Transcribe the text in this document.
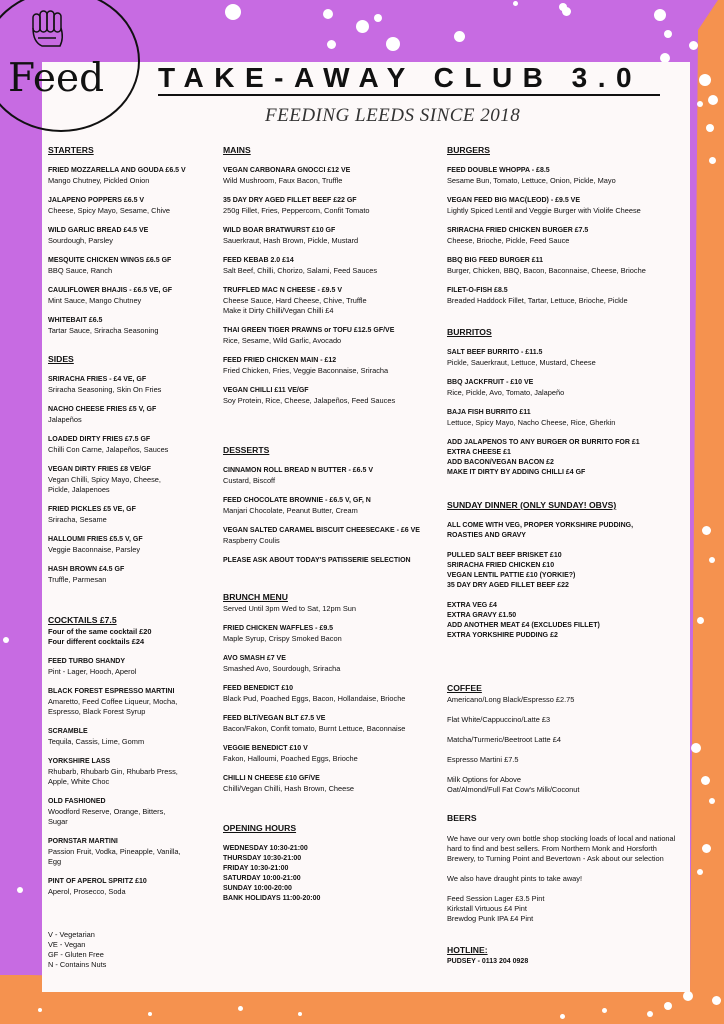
Feed TAKE-AWAY CLUB 3.0
FEEDING LEEDS SINCE 2018
STARTERS
FRIED MOZZARELLA AND GOUDA £6.5 V
Mango Chutney, Pickled Onion
JALAPENO POPPERS £6.5 V
Cheese, Spicy Mayo, Sesame, Chive
WILD GARLIC BREAD £4.5 VE
Sourdough, Parsley
MESQUITE CHICKEN WINGS £6.5 GF
BBQ Sauce, Ranch
CAULIFLOWER BHAJIS - £6.5 VE, GF
Mint Sauce, Mango Chutney
WHITEBAIT £6.5
Tartar Sauce, Sriracha Seasoning
SIDES
SRIRACHA FRIES - £4 VE, GF
Sriracha Seasoning, Skin On Fries
NACHO CHEESE FRIES £5 V, GF
Jalapeños
LOADED DIRTY FRIES £7.5 GF
Chilli Con Carne, Jalapeños, Sauces
VEGAN DIRTY FRIES £8 VE/GF
Vegan Chilli, Spicy Mayo, Cheese,
Pickle, Jalapenoes
FRIED PICKLES £5 VE, GF
Sriracha, Sesame
HALLOUMI FRIES £5.5 V, GF
Veggie Baconnaise, Parsley
HASH BROWN £4.5 GF
Truffle, Parmesan
COCKTAILS £7.5
Four of the same cocktail £20
Four different cocktails £24
FEED TURBO SHANDY
Pint - Lager, Hooch, Aperol
BLACK FOREST ESPRESSO MARTINI
Amaretto, Feed Coffee Liqueur, Mocha,
Espresso, Black Forest Syrup
SCRAMBLE
Tequila, Cassis, Lime, Gomm
YORKSHIRE LASS
Rhubarb, Rhubarb Gin, Rhubarb Press,
Apple, White Choc
OLD FASHIONED
Woodford Reserve, Orange, Bitters,
Sugar
PORNSTAR MARTINI
Passion Fruit, Vodka, Pineapple, Vanilla,
Egg
PINT OF APEROL SPRITZ £10
Aperol, Prosecco, Soda
V - Vegetarian
VE - Vegan
GF - Gluten Free
N - Contains Nuts
MAINS
VEGAN CARBONARA GNOCCI £12 VE
Wild Mushroom, Faux Bacon, Truffle
35 DAY DRY AGED FILLET BEEF £22 GF
250g Fillet, Fries, Peppercorn, Confit Tomato
WILD BOAR BRATWURST £10 GF
Sauerkraut, Hash Brown, Pickle, Mustard
FEED KEBAB 2.0 £14
Salt Beef, Chilli, Chorizo, Salami, Feed Sauces
TRUFFLED MAC N CHEESE - £9.5 V
Cheese Sauce, Hard Cheese, Chive, Truffle
Make it Dirty Chilli/Vegan Chilli £4
THAI GREEN TIGER PRAWNS or TOFU £12.5 GF/VE
Rice, Sesame, Wild Garlic, Avocado
FEED FRIED CHICKEN MAIN - £12
Fried Chicken, Fries, Veggie Baconnaise, Sriracha
VEGAN CHILLI £11 VE/GF
Soy Protein, Rice, Cheese, Jalapeños, Feed Sauces
DESSERTS
CINNAMON ROLL BREAD N BUTTER - £6.5 V
Custard, Biscoff
FEED CHOCOLATE BROWNIE - £6.5 V, GF, N
Manjari Chocolate, Peanut Butter, Cream
VEGAN SALTED CARAMEL BISCUIT CHEESECAKE - £6 VE
Raspberry Coulis
PLEASE ASK ABOUT TODAY'S PATISSERIE SELECTION
BRUNCH MENU
Served Until 3pm Wed to Sat, 12pm Sun
FRIED CHICKEN WAFFLES - £9.5
Maple Syrup, Crispy Smoked Bacon
AVO SMASH £7 VE
Smashed Avo, Sourdough, Sriracha
FEED BENEDICT £10
Black Pud, Poached Eggs, Bacon, Hollandaise, Brioche
FEED BLT/VEGAN BLT £7.5 VE
Bacon/Fakon, Confit tomato, Burnt Lettuce, Baconnaise
VEGGIE BENEDICT £10 V
Fakon, Halloumi, Poached Eggs, Brioche
CHILLI N CHEESE £10 GF/VE
Chilli/Vegan Chilli, Hash Brown, Cheese
OPENING HOURS
WEDNESDAY 10:30-21:00
THURSDAY 10:30-21:00
FRIDAY 10:30-21:00
SATURDAY 10:00-21:00
SUNDAY 10:00-20:00
BANK HOLIDAYS 11:00-20:00
BURGERS
FEED DOUBLE WHOPPA - £8.5
Sesame Bun, Tomato, Lettuce, Onion, Pickle, Mayo
VEGAN FEED BIG MAC(LEOD) - £9.5 VE
Lightly Spiced Lentil and Veggie Burger with Violife Cheese
SRIRACHA FRIED CHICKEN BURGER £7.5
Cheese, Brioche, Pickle, Feed Sauce
BBQ BIG FEED BURGER £11
Burger, Chicken, BBQ, Bacon, Baconnaise, Cheese, Brioche
FILET-O-FISH £8.5
Breaded Haddock Fillet, Tartar, Lettuce, Brioche, Pickle
BURRITOS
SALT BEEF BURRITO - £11.5
Pickle, Sauerkraut, Lettuce, Mustard, Cheese
BBQ JACKFRUIT - £10 VE
Rice, Pickle, Avo, Tomato, Jalapeño
BAJA FISH BURRITO £11
Lettuce, Spicy Mayo, Nacho Cheese, Rice, Gherkin
ADD JALAPENOS TO ANY BURGER OR BURRITO FOR £1
EXTRA CHEESE £1
ADD BACON/VEGAN BACON £2
MAKE IT DIRTY BY ADDING CHILLI £4 GF
SUNDAY DINNER (ONLY SUNDAY! OBVS)
ALL COME WITH VEG, PROPER YORKSHIRE PUDDING,
ROASTIES AND GRAVY
PULLED SALT BEEF BRISKET £10
SRIRACHA FRIED CHICKEN £10
VEGAN LENTIL PATTIE £10 (YORKIE?)
35 DAY DRY AGED FILLET BEEF £22
EXTRA VEG £4
EXTRA GRAVY £1.50
ADD ANOTHER MEAT £4 (EXCLUDES FILLET)
EXTRA YORKSHIRE PUDDING £2
COFFEE
Americano/Long Black/Espresso £2.75
Flat White/Cappuccino/Latte £3
Matcha/Turmeric/Beetroot Latte £4
Espresso Martini £7.5
Milk Options for Above
Oat/Almond/Full Fat Cow's Milk/Coconut
BEERS
We have our very own bottle shop stocking loads of local and national hard to find and best sellers. From Northern Monk and Horsforth Brewery, to Turning Point and Bevertown - Ask about our selection
We also have draught pints to take away!
Feed Session Lager £3.5 Pint
Kirkstall Virtuous £4 Pint
Brewdog Punk IPA £4 Pint
HOTLINE:
PUDSEY - 0113 204 0928
